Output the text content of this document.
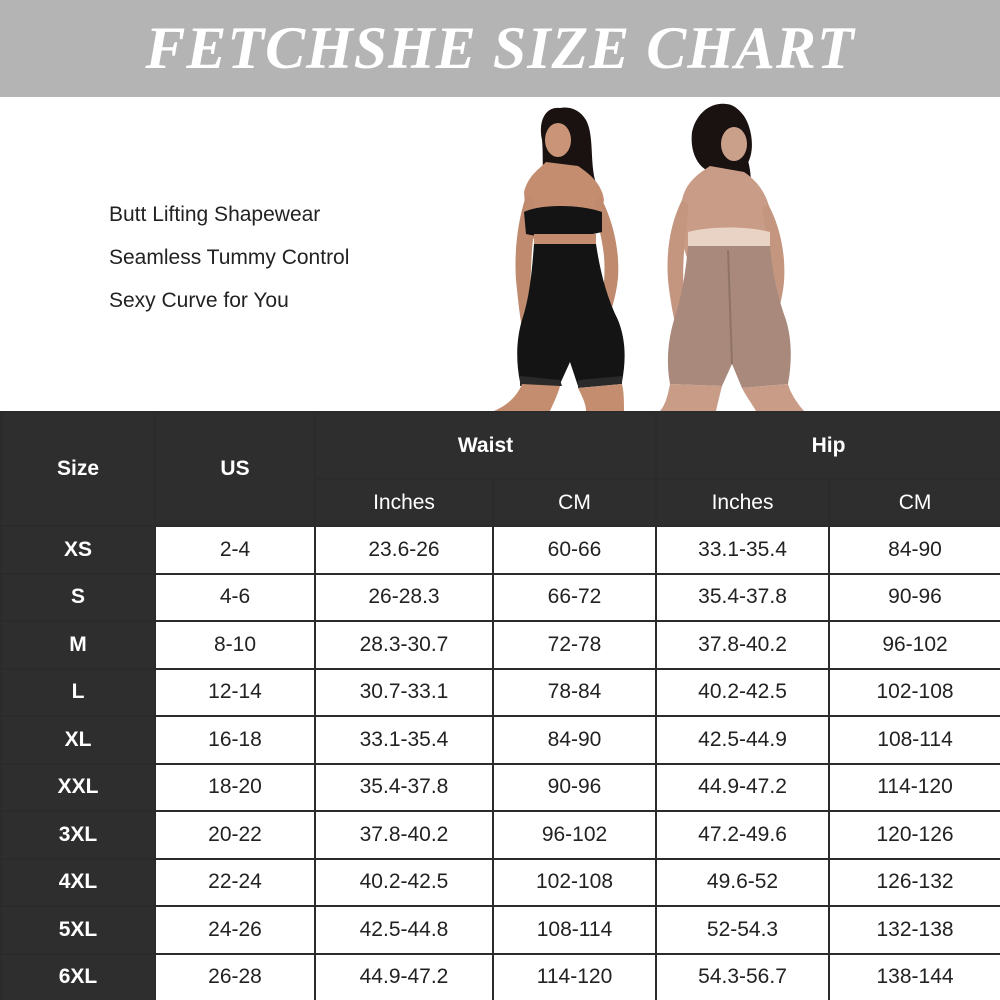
FETCHSHE SIZE CHART
Butt Lifting Shapewear
Seamless Tummy Control
Sexy Curve for You
Size	US	Waist		Hip	
		Inches	CM	Inches	CM
XS	2-4	23.6-26	60-66	33.1-35.4	84-90
S	4-6	26-28.3	66-72	35.4-37.8	90-96
M	8-10	28.3-30.7	72-78	37.8-40.2	96-102
L	12-14	30.7-33.1	78-84	40.2-42.5	102-108
XL	16-18	33.1-35.4	84-90	42.5-44.9	108-114
XXL	18-20	35.4-37.8	90-96	44.9-47.2	114-120
3XL	20-22	37.8-40.2	96-102	47.2-49.6	120-126
4XL	22-24	40.2-42.5	102-108	49.6-52	126-132
5XL	24-26	42.5-44.8	108-114	52-54.3	132-138
6XL	26-28	44.9-47.2	114-120	54.3-56.7	138-144
